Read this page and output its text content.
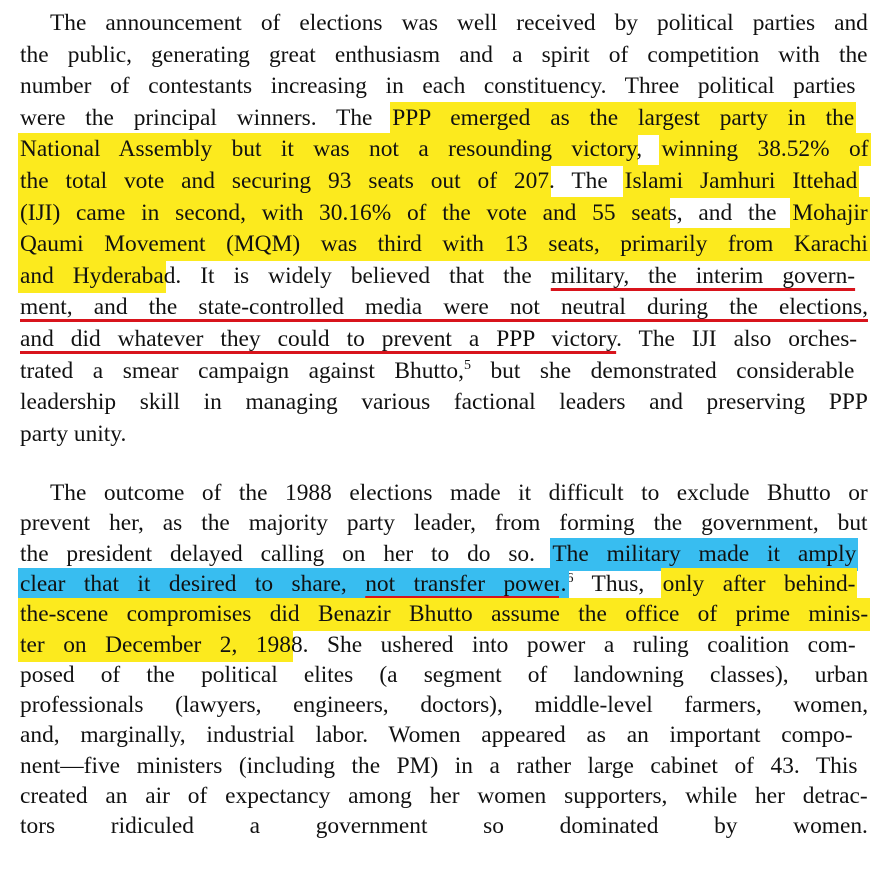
The announcement of elections was well received by political parties and
the public, generating great enthusiasm and a spirit of competition with the
number of contestants increasing in each constituency. Three political parties
were the principal winners. The PPP emerged as the largest party in the
National Assembly but it was not a resounding victory, winning 38.52% of
the total vote and securing 93 seats out of 207. The Islami Jamhuri Ittehad
(IJI) came in second, with 30.16% of the vote and 55 seats, and the Mohajir
Qaumi Movement (MQM) was third with 13 seats, primarily from Karachi
and Hyderabad. It is widely believed that the military, the interim govern-
ment, and the state-controlled media were not neutral during the elections,
and did whatever they could to prevent a PPP victory. The IJI also orches-
trated a smear campaign against Bhutto,$^5$ but she demonstrated considerable
leadership skill in managing various factional leaders and preserving PPP
party unity.
The outcome of the 1988 elections made it difficult to exclude Bhutto or
prevent her, as the majority party leader, from forming the government, but
the president delayed calling on her to do so. The military made it amply
clear that it desired to share, not transfer power.$^6$ Thus, only after behind-
the-scene compromises did Benazir Bhutto assume the office of prime minis-
ter on December 2, 1988. She ushered into power a ruling coalition com-
posed of the political elites (a segment of landowning classes), urban
professionals (lawyers, engineers, doctors), middle-level farmers, women,
and, marginally, industrial labor. Women appeared as an important compo-
nent—five ministers (including the PM) in a rather large cabinet of 43. This
created an air of expectancy among her women supporters, while her detrac-
tors ridiculed a government so dominated by women.
